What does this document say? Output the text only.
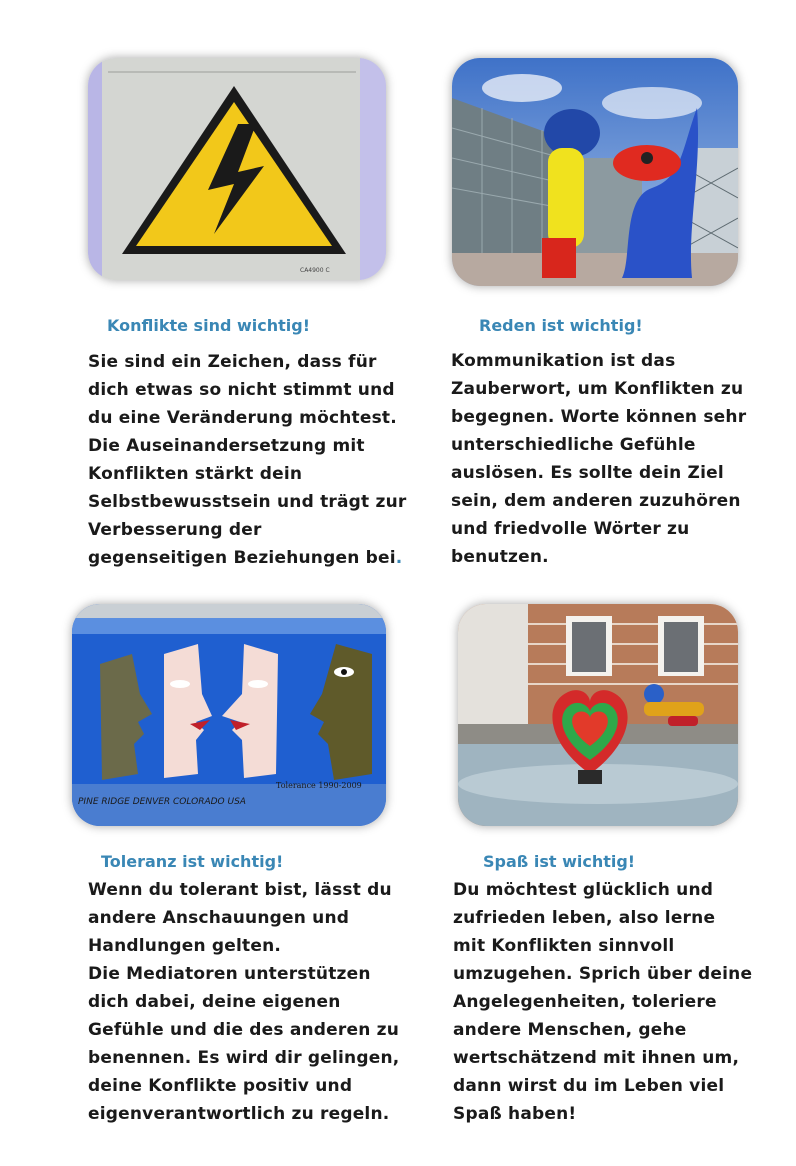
CA4900 C

Konflikte sind wichtig!

Sie sind ein Zeichen, dass für
dich etwas so nicht stimmt und
du eine Veränderung möchtest.
Die Auseinandersetzung mit
Konflikten stärkt dein
Selbstbewusstsein und trägt zur
Verbesserung der
gegenseitigen Beziehungen bei.

Reden ist wichtig!

Kommunikation ist das
Zauberwort, um Konflikten zu
begegnen. Worte können sehr
unterschiedliche Gefühle
auslösen. Es sollte dein Ziel
sein, dem anderen zuzuhören
und friedvolle Wörter zu
benutzen.
PINE RIDGE DENVER COLORADO USA
Tolerance 1990-2009

Toleranz ist wichtig!

Wenn du tolerant bist, lässt du
andere Anschauungen und
Handlungen gelten.
Die Mediatoren unterstützen
dich dabei, deine eigenen
Gefühle und die des anderen zu
benennen. Es wird dir gelingen,
deine Konflikte positiv und
eigenverantwortlich zu regeln.

Spaß ist wichtig!

Du möchtest glücklich und
zufrieden leben, also lerne
mit Konflikten sinnvoll
umzugehen. Sprich über deine
Angelegenheiten, toleriere
andere Menschen, gehe
wertschätzend mit ihnen um,
dann wirst du im Leben viel
Spaß haben!
